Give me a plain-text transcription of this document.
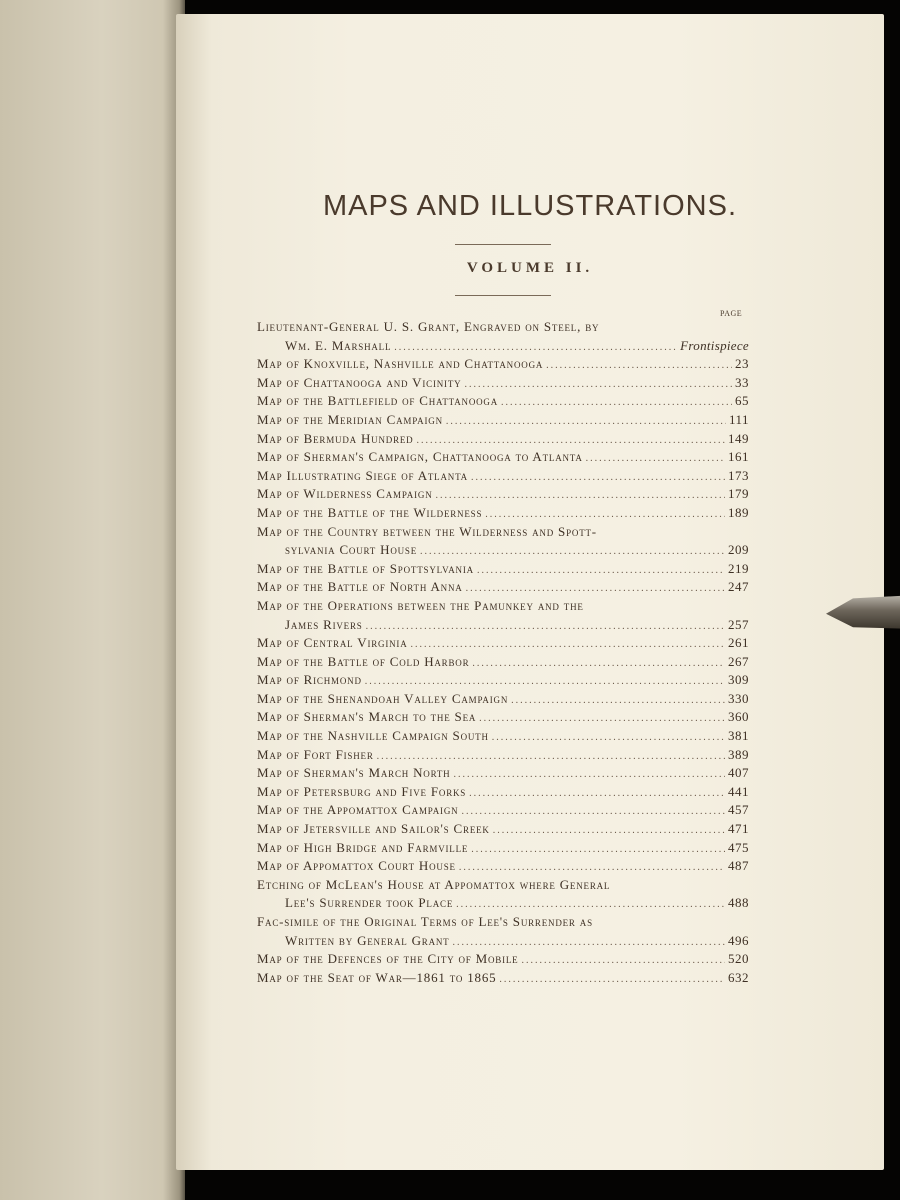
MAPS AND ILLUSTRATIONS.
VOLUME II.
PAGE
Lieutenant-General U. S. Grant, Engraved on Steel, by
Wm. E. Marshall .....	Frontispiece
Map of Knoxville, Nashville and Chattanooga .....	23
Map of Chattanooga and Vicinity .....	33
Map of the Battlefield of Chattanooga .....	65
Map of the Meridian Campaign .....	111
Map of Bermuda Hundred .....	149
Map of Sherman's Campaign, Chattanooga to Atlanta .....	161
Map Illustrating Siege of Atlanta .....	173
Map of Wilderness Campaign .....	179
Map of the Battle of the Wilderness .....	189
Map of the Country between the Wilderness and Spott-
sylvania Court House .....	209
Map of the Battle of Spottsylvania .....	219
Map of the Battle of North Anna .....	247
Map of the Operations between the Pamunkey and the
James Rivers .....	257
Map of Central Virginia .....	261
Map of the Battle of Cold Harbor .....	267
Map of Richmond .....	309
Map of the Shenandoah Valley Campaign .....	330
Map of Sherman's March to the Sea .....	360
Map of the Nashville Campaign South .....	381
Map of Fort Fisher .....	389
Map of Sherman's March North .....	407
Map of Petersburg and Five Forks .....	441
Map of the Appomattox Campaign .....	457
Map of Jetersville and Sailor's Creek .....	471
Map of High Bridge and Farmville .....	475
Map of Appomattox Court House .....	487
Etching of McLean's House at Appomattox where General
Lee's Surrender took Place .....	488
Fac-simile of the Original Terms of Lee's Surrender as
Written by General Grant .....	496
Map of the Defences of the City of Mobile .....	520
Map of the Seat of War—1861 to 1865 .....	632
